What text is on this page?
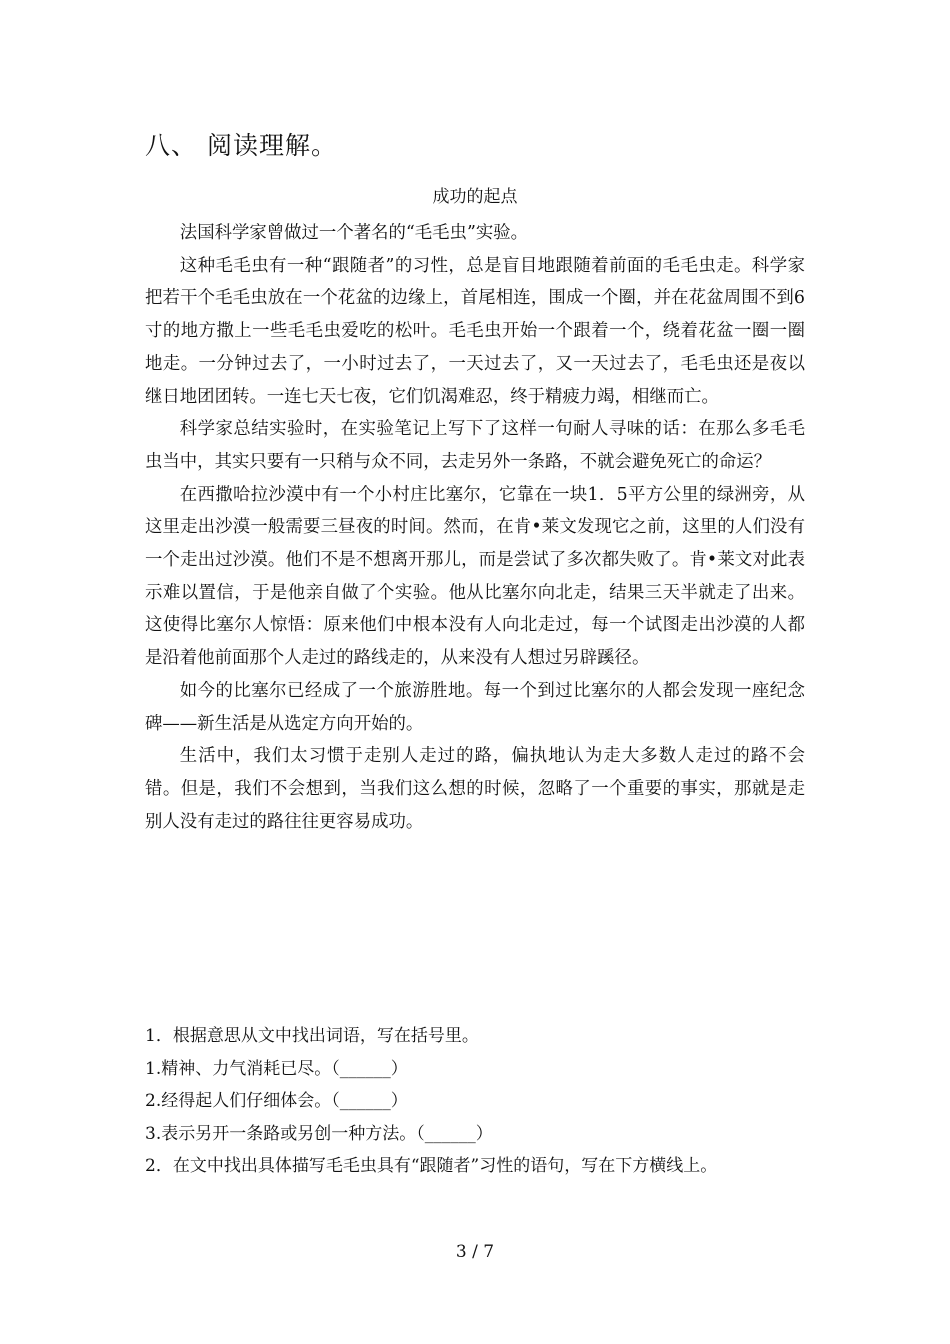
八、 阅读理解。
成功的起点

法国科学家曾做过一个著名的“毛毛虫”实验。

这种毛毛虫有一种“跟随者”的习性，总是盲目地跟随着前面的毛毛虫走。科学家把若干个毛毛虫放在一个花盆的边缘上，首尾相连，围成一个圈，并在花盆周围不到6寸的地方撒上一些毛毛虫爱吃的松叶。毛毛虫开始一个跟着一个，绕着花盆一圈一圈地走。一分钟过去了，一小时过去了，一天过去了，又一天过去了，毛毛虫还是夜以继日地团团转。一连七天七夜，它们饥渴难忍，终于精疲力竭，相继而亡。

科学家总结实验时，在实验笔记上写下了这样一句耐人寻味的话：在那么多毛毛虫当中，其实只要有一只稍与众不同，去走另外一条路，不就会避免死亡的命运？

在西撒哈拉沙漠中有一个小村庄比塞尔，它靠在一块1．5平方公里的绿洲旁，从这里走出沙漠一般需要三昼夜的时间。然而，在肯•莱文发现它之前，这里的人们没有一个走出过沙漠。他们不是不想离开那儿，而是尝试了多次都失败了。肯•莱文对此表示难以置信，于是他亲自做了个实验。他从比塞尔向北走，结果三天半就走了出来。这使得比塞尔人惊悟：原来他们中根本没有人向北走过，每一个试图走出沙漠的人都是沿着他前面那个人走过的路线走的，从来没有人想过另辟蹊径。

如今的比塞尔已经成了一个旅游胜地。每一个到过比塞尔的人都会发现一座纪念碑——新生活是从选定方向开始的。

生活中，我们太习惯于走别人走过的路，偏执地认为走大多数人走过的路不会错。但是，我们不会想到，当我们这么想的时候，忽略了一个重要的事实，那就是走别人没有走过的路往往更容易成功。

1．根据意思从文中找出词语，写在括号里。
1.精神、力气消耗已尽。（______）
2.经得起人们仔细体会。（______）
3.表示另开一条路或另创一种方法。（______）
2．在文中找出具体描写毛毛虫具有“跟随者”习性的语句，写在下方横线上。
3 / 7
